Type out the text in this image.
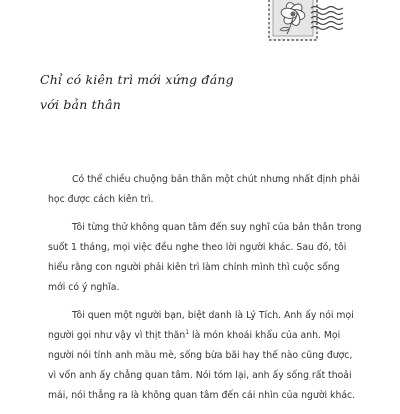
Chỉ có kiên trì mới xứng đáng
với bản thân

Có thể chiều chuộng bản thân một chút nhưng nhất định phải
học được cách kiên trì.

Tôi từng thử không quan tâm đến suy nghĩ của bản thân trong
suốt 1 tháng, mọi việc đều nghe theo lời người khác. Sau đó, tôi
hiểu rằng con người phải kiên trì làm chính mình thì cuộc sống
mới có ý nghĩa.

Tôi quen một người bạn, biệt danh là Lý Tích. Anh ấy nói mọi
người gọi như vậy vì thịt thăn$^1$ là món khoái khẩu của anh. Mọi
người nói tính anh màu mè, sống bừa bãi hay thế nào cũng được,
vì vốn anh ấy chẳng quan tâm. Nói tóm lại, anh ấy sống rất thoải
mái, nói thẳng ra là không quan tâm đến cái nhìn của người khác.
